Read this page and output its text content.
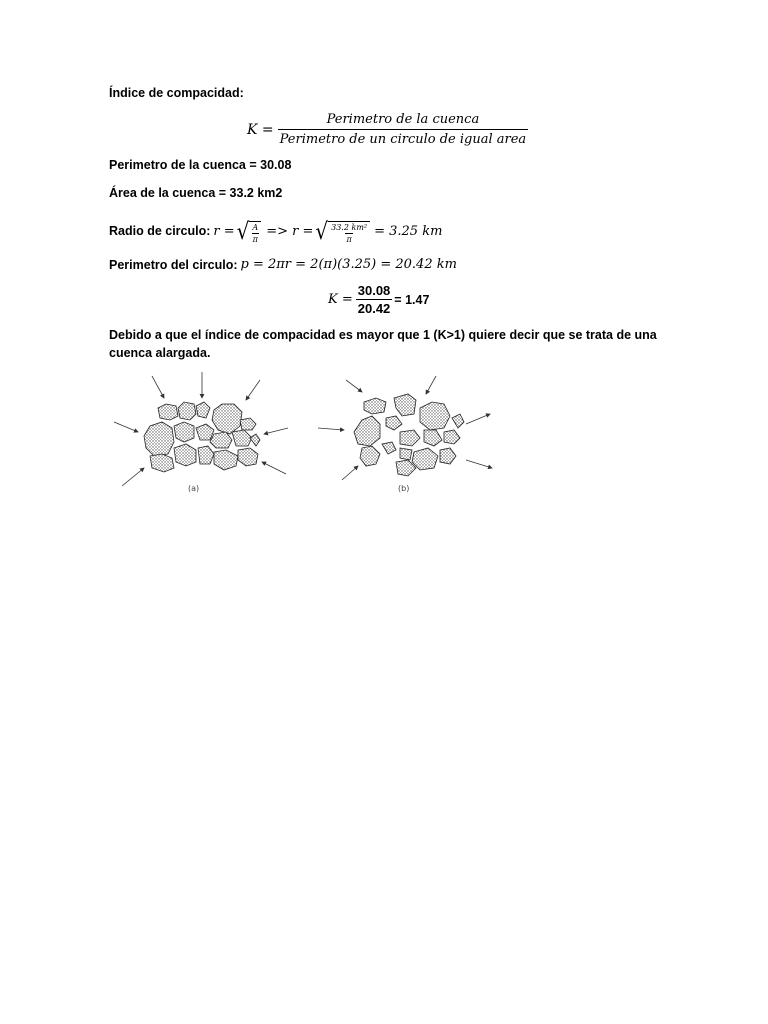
Índice de compacidad:
$K = \frac{\text{Perimetro de la cuenca}}{\text{Perimetro de un circulo de igual area}}$
Perimetro de la cuenca = 30.08
Área de la cuenca = 33.2 km2
Radio de circulo: r = √ $\frac{A}{\pi} => r$ = √ $\frac{\text{33.2 km²}}{\pi} = 3.25$ km
Perimetro del circulo: p = 2πr = 2(π)(3.25) = 20.42 km
$K = \frac{30.08}{20.42} = 1.47$
Debido a que el índice de compacidad es mayor que 1 (K>1) quiere decir que se trata de una cuenca alargada.
(a)	(b)
